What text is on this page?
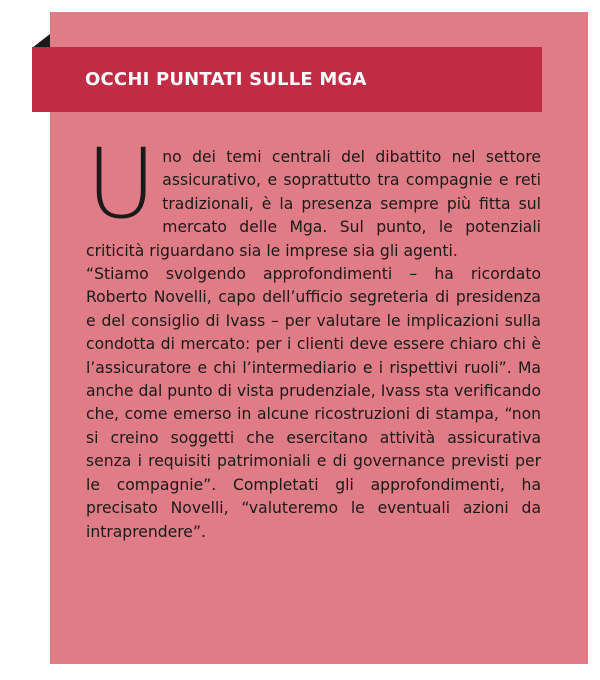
OCCHI PUNTATI SULLE MGA

Uno dei temi centrali del dibattito nel settore assicurativo, e soprattutto tra compagnie e reti tradizionali, è la presenza sempre più fitta sul mercato delle Mga. Sul punto, le potenziali criticità riguardano sia le imprese sia gli agenti.

“Stiamo svolgendo approfondimenti – ha ricordato Roberto Novelli, capo dell’ufficio segreteria di presidenza e del consiglio di Ivass – per valutare le implicazioni sulla condotta di mercato: per i clienti deve essere chiaro chi è l’assicuratore e chi l’intermediario e i rispettivi ruoli”. Ma anche dal punto di vista prudenziale, Ivass sta verificando che, come emerso in alcune ricostruzioni di stampa, “non si creino soggetti che esercitano attività assicurativa senza i requisiti patrimoniali e di governance previsti per le compagnie”. Completati gli approfondimenti, ha precisato Novelli, “valuteremo le eventuali azioni da intraprendere”.
